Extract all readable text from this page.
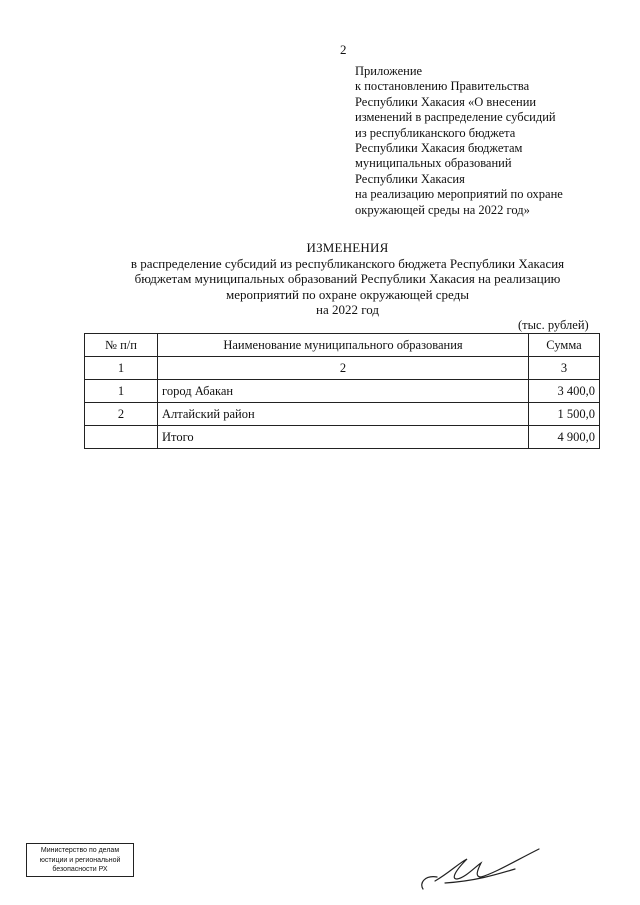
2
Приложение
к постановлению Правительства
Республики Хакасия «О внесении
изменений в распределение субсидий
из республиканского бюджета
Республики Хакасия бюджетам
муниципальных образований
Республики Хакасия
на реализацию мероприятий по охране
окружающей среды на 2022 год»
ИЗМЕНЕНИЯ
в распределение субсидий из республиканского бюджета Республики Хакасия
бюджетам муниципальных образований Республики Хакасия на реализацию
мероприятий по охране окружающей среды
на 2022 год
(тыс. рублей)
№ п/п	Наименование муниципального образования	Сумма
1	2	3
1	город Абакан	3 400,0
2	Алтайский район	1 500,0
	Итого	4 900,0
Министерство по делам
юстиции и региональной
безопасности РХ
